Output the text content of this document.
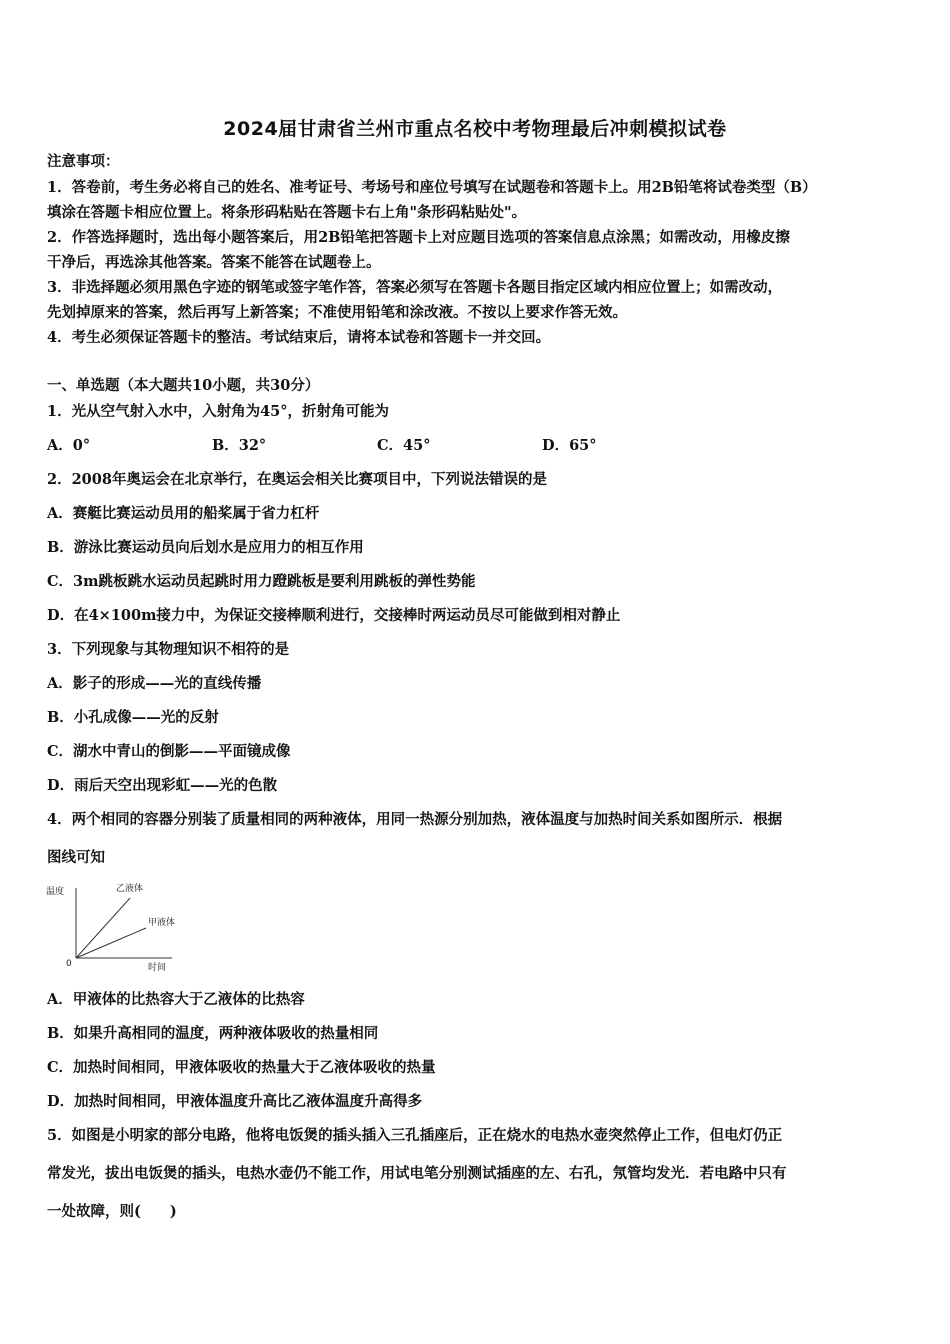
2024届甘肃省兰州市重点名校中考物理最后冲刺模拟试卷
注意事项：
1．答卷前，考生务必将自己的姓名、准考证号、考场号和座位号填写在试题卷和答题卡上。用2B铅笔将试卷类型（B）
填涂在答题卡相应位置上。将条形码粘贴在答题卡右上角"条形码粘贴处"。
2．作答选择题时，选出每小题答案后，用2B铅笔把答题卡上对应题目选项的答案信息点涂黑；如需改动，用橡皮擦
干净后，再选涂其他答案。答案不能答在试题卷上。
3．非选择题必须用黑色字迹的钢笔或签字笔作答，答案必须写在答题卡各题目指定区域内相应位置上；如需改动，
先划掉原来的答案，然后再写上新答案；不准使用铅笔和涂改液。不按以上要求作答无效。
4．考生必须保证答题卡的整洁。考试结束后，请将本试卷和答题卡一并交回。
一、单选题（本大题共10小题，共30分）
1．光从空气射入水中，入射角为45°，折射角可能为
A．0°	B．32°	C．45°	D．65°
2．2008年奥运会在北京举行，在奥运会相关比赛项目中，下列说法错误的是
A．赛艇比赛运动员用的船桨属于省力杠杆
B．游泳比赛运动员向后划水是应用力的相互作用
C．3m跳板跳水运动员起跳时用力蹬跳板是要利用跳板的弹性势能
D．在4×100m接力中，为保证交接棒顺利进行，交接棒时两运动员尽可能做到相对静止
3．下列现象与其物理知识不相符的是
A．影子的形成——光的直线传播
B．小孔成像——光的反射
C．湖水中青山的倒影——平面镜成像
D．雨后天空出现彩虹——光的色散
4．两个相同的容器分别装了质量相同的两种液体，用同一热源分别加热，液体温度与加热时间关系如图所示．根据
图线可知
温度
0	时间
乙液体
甲液体
A．甲液体的比热容大于乙液体的比热容
B．如果升高相同的温度，两种液体吸收的热量相同
C．加热时间相同，甲液体吸收的热量大于乙液体吸收的热量
D．加热时间相同，甲液体温度升高比乙液体温度升高得多
5．如图是小明家的部分电路，他将电饭煲的插头插入三孔插座后，正在烧水的电热水壶突然停止工作，但电灯仍正
常发光，拔出电饭煲的插头，电热水壶仍不能工作，用试电笔分别测试插座的左、右孔，氖管均发光．若电路中只有
一处故障，则(　　)
